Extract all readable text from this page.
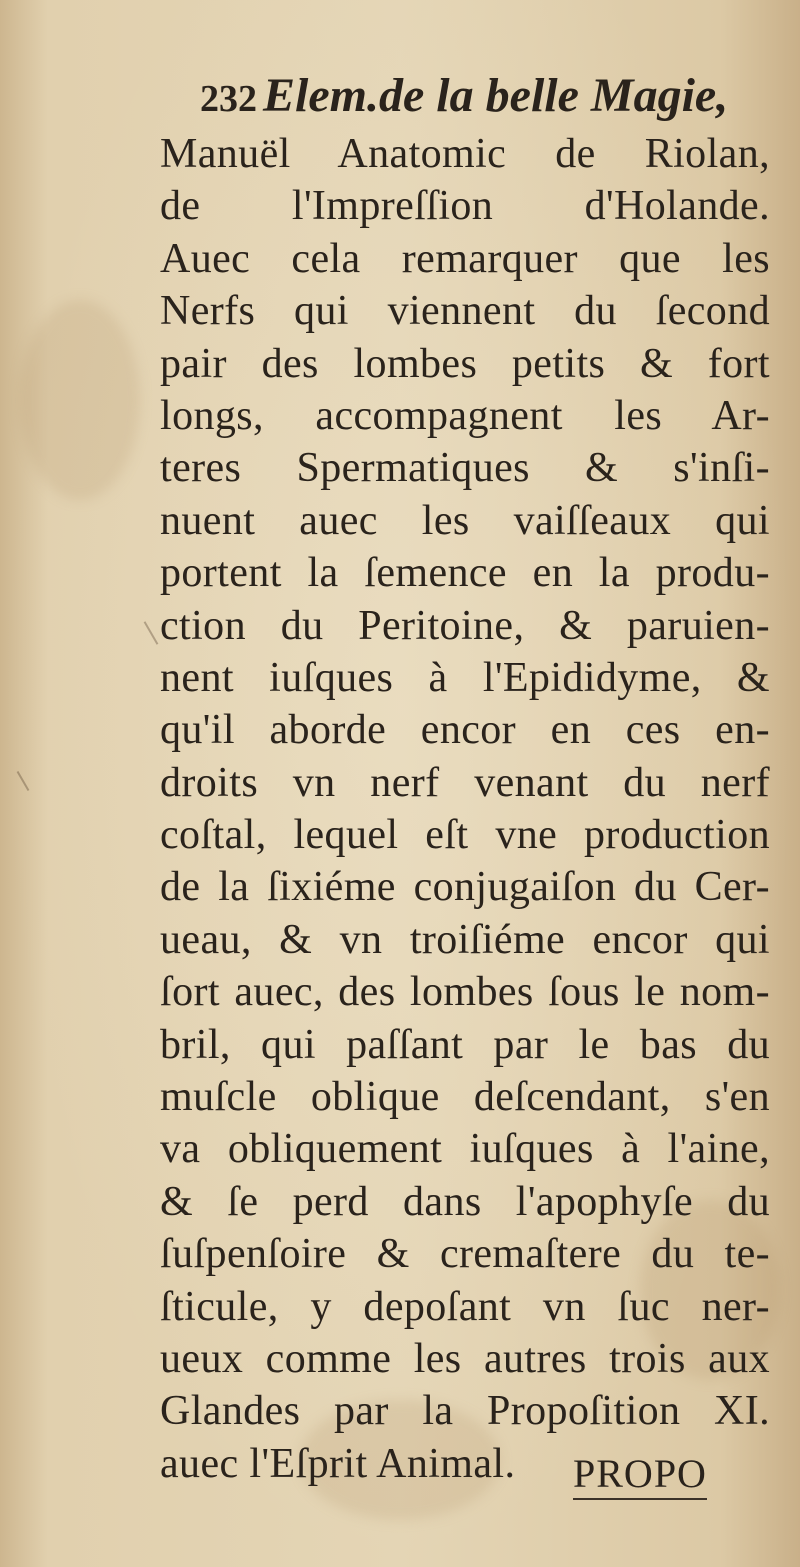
232 Elem.de la belle Magie,
Manuël Anatomic de Riolan,
de l'Impreſſion d'Holande.
Auec cela remarquer que les
Nerfs qui viennent du ſecond
pair des lombes petits & fort
longs, accompagnent les Ar-
teres Spermatiques & s'inſi-
nuent auec les vaiſſeaux qui
portent la ſemence en la produ-
ction du Peritoine, & paruien-
nent iuſques à l'Epididyme, &
qu'il aborde encor en ces en-
droits vn nerf venant du nerf
coſtal, lequel eſt vne production
de la ſixiéme conjugaiſon du Cer-
ueau, & vn troiſiéme encor qui
ſort auec, des lombes ſous le nom-
bril, qui paſſant par le bas du
muſcle oblique deſcendant, s'en
va obliquement iuſques à l'aine,
& ſe perd dans l'apophyſe du
ſuſpenſoire & cremaſtere du te-
ſticule, y depoſant vn ſuc ner-
ueux comme les autres trois aux
Glandes par la Propoſition XI.
auec l'Eſprit Animal.	PROPO
